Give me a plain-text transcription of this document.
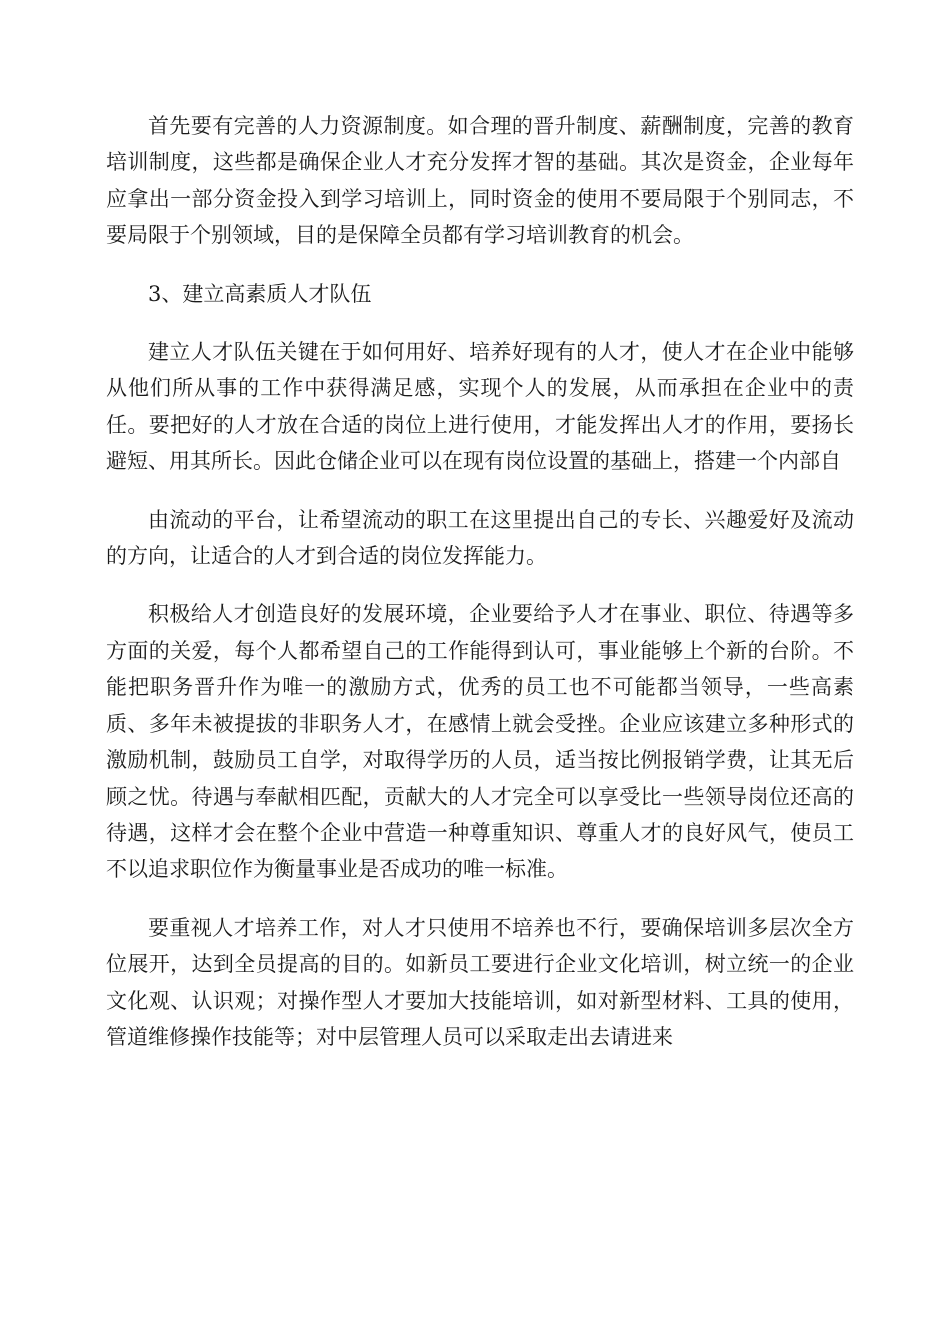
首先要有完善的人力资源制度。如合理的晋升制度、薪酬制度，完善的教育培训制度，这些都是确保企业人才充分发挥才智的基础。其次是资金，企业每年应拿出一部分资金投入到学习培训上，同时资金的使用不要局限于个别同志，不要局限于个别领域，目的是保障全员都有学习培训教育的机会。

3、建立高素质人才队伍

建立人才队伍关键在于如何用好、培养好现有的人才，使人才在企业中能够从他们所从事的工作中获得满足感，实现个人的发展，从而承担在企业中的责任。要把好的人才放在合适的岗位上进行使用，才能发挥出人才的作用，要扬长避短、用其所长。因此仓储企业可以在现有岗位设置的基础上，搭建一个内部自

由流动的平台，让希望流动的职工在这里提出自己的专长、兴趣爱好及流动的方向，让适合的人才到合适的岗位发挥能力。

积极给人才创造良好的发展环境，企业要给予人才在事业、职位、待遇等多方面的关爱，每个人都希望自己的工作能得到认可，事业能够上个新的台阶。不能把职务晋升作为唯一的激励方式，优秀的员工也不可能都当领导，一些高素质、多年未被提拔的非职务人才，在感情上就会受挫。企业应该建立多种形式的激励机制，鼓励员工自学，对取得学历的人员，适当按比例报销学费，让其无后顾之忧。待遇与奉献相匹配，贡献大的人才完全可以享受比一些领导岗位还高的待遇，这样才会在整个企业中营造一种尊重知识、尊重人才的良好风气，使员工不以追求职位作为衡量事业是否成功的唯一标准。

要重视人才培养工作，对人才只使用不培养也不行，要确保培训多层次全方位展开，达到全员提高的目的。如新员工要进行企业文化培训，树立统一的企业文化观、认识观；对操作型人才要加大技能培训，如对新型材料、工具的使用，管道维修操作技能等；对中层管理人员可以采取走出去请进来
